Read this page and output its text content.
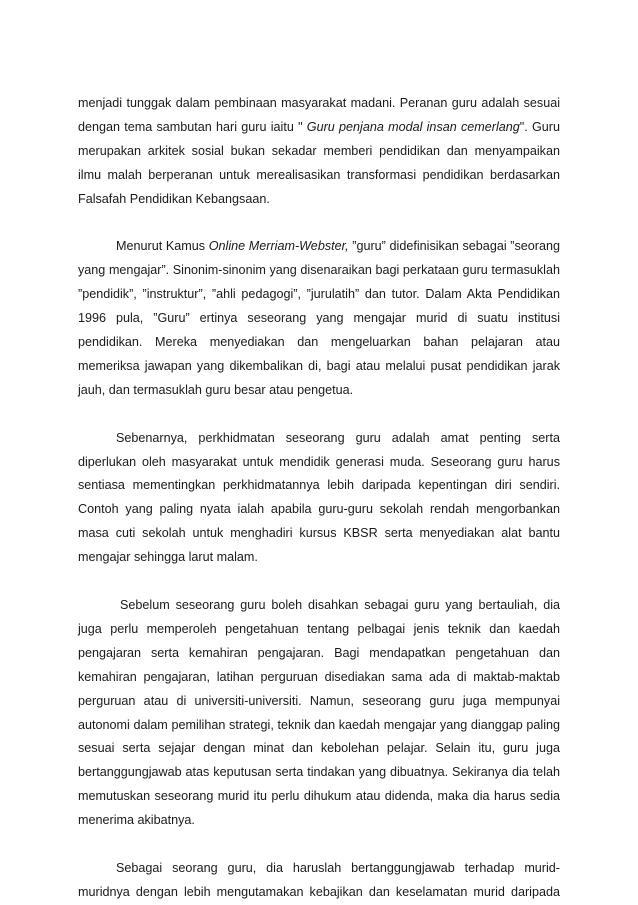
menjadi tunggak dalam pembinaan masyarakat madani. Peranan guru adalah sesuai dengan tema sambutan hari guru iaitu " Guru penjana modal insan cemerlang". Guru merupakan arkitek sosial bukan sekadar memberi pendidikan dan menyampaikan ilmu malah berperanan untuk merealisasikan transformasi pendidikan berdasarkan Falsafah Pendidikan Kebangsaan.

Menurut Kamus Online Merriam-Webster, ”guru” didefinisikan sebagai ”seorang yang mengajar”. Sinonim-sinonim yang disenaraikan bagi perkataan guru termasuklah ”pendidik”, ”instruktur”, ”ahli pedagogi”, ”jurulatih” dan tutor. Dalam Akta Pendidikan 1996 pula, ”Guru” ertinya seseorang yang mengajar murid di suatu institusi pendidikan. Mereka menyediakan dan mengeluarkan bahan pelajaran atau memeriksa jawapan yang dikembalikan di, bagi atau melalui pusat pendidikan jarak jauh, dan termasuklah guru besar atau pengetua.

Sebenarnya, perkhidmatan seseorang guru adalah amat penting serta diperlukan oleh masyarakat untuk mendidik generasi muda. Seseorang guru harus sentiasa mementingkan perkhidmatannya lebih daripada kepentingan diri sendiri. Contoh yang paling nyata ialah apabila guru-guru sekolah rendah mengorbankan masa cuti sekolah untuk menghadiri kursus KBSR serta menyediakan alat bantu mengajar sehingga larut malam.

Sebelum seseorang guru boleh disahkan sebagai guru yang bertauliah, dia juga perlu memperoleh pengetahuan tentang pelbagai jenis teknik dan kaedah pengajaran serta kemahiran pengajaran. Bagi mendapatkan pengetahuan dan kemahiran pengajaran, latihan perguruan disediakan sama ada di maktab-maktab perguruan atau di universiti-universiti. Namun, seseorang guru juga mempunyai autonomi dalam pemilihan strategi, teknik dan kaedah mengajar yang dianggap paling sesuai serta sejajar dengan minat dan kebolehan pelajar. Selain itu, guru juga bertanggungjawab atas keputusan serta tindakan yang dibuatnya. Sekiranya dia telah memutuskan seseorang murid itu perlu dihukum atau didenda, maka dia harus sedia menerima akibatnya.

Sebagai seorang guru, dia haruslah bertanggungjawab terhadap murid-muridnya dengan lebih mengutamakan kebajikan dan keselamatan murid daripada
